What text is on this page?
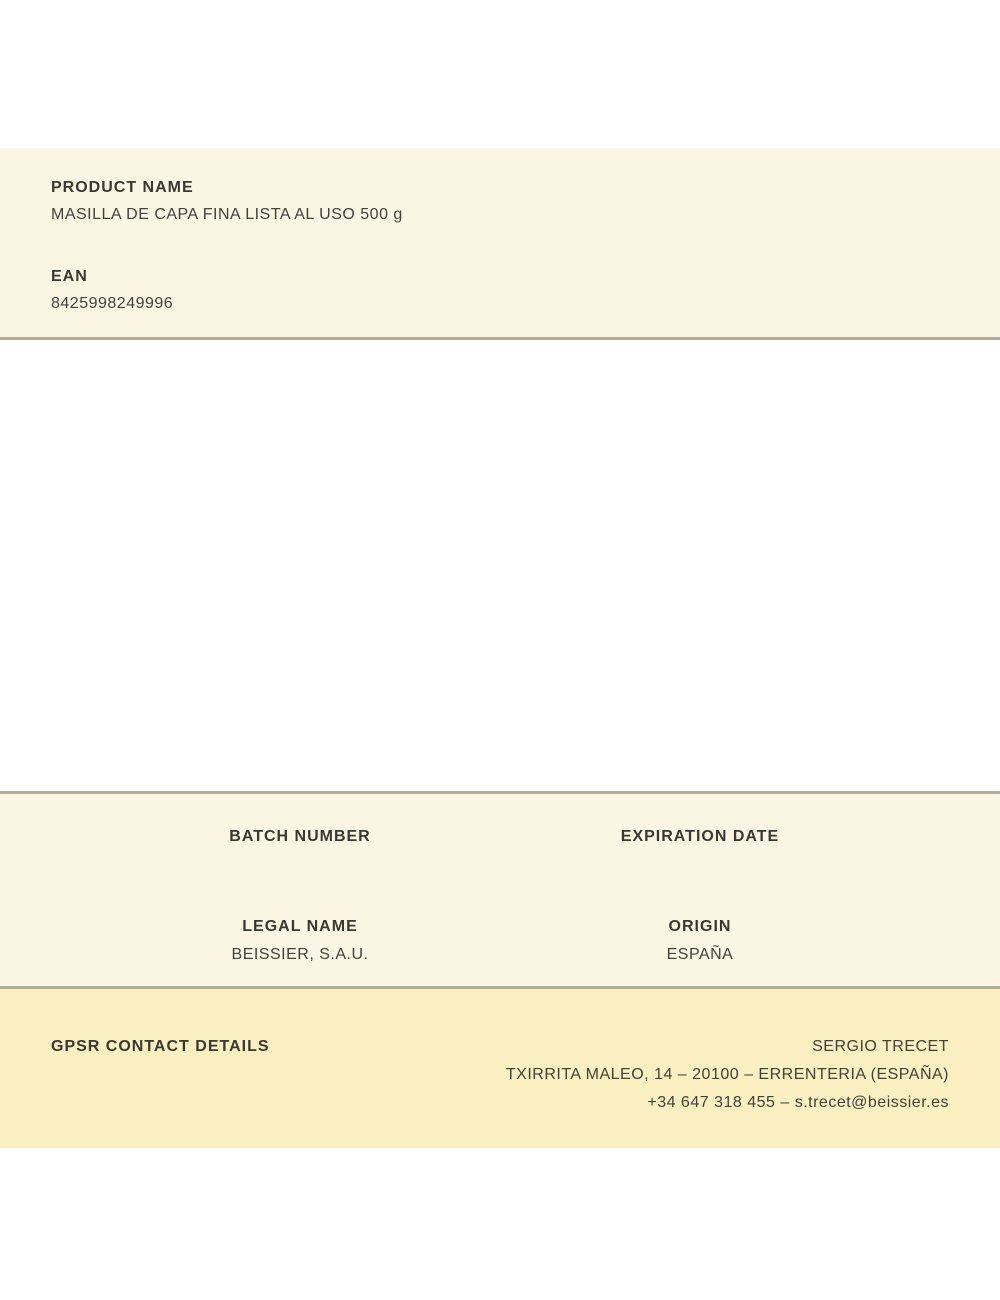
PRODUCT NAME
MASILLA DE CAPA FINA LISTA AL USO 500 g
EAN
8425998249996
BATCH NUMBER	EXPIRATION DATE
LEGAL NAME
BEISSIER, S.A.U.
ORIGIN
ESPAÑA
GPSR CONTACT DETAILS	SERGIO TRECET
TXIRRITA MALEO, 14 – 20100 – ERRENTERIA (ESPAÑA)
+34 647 318 455 – s.trecet@beissier.es
